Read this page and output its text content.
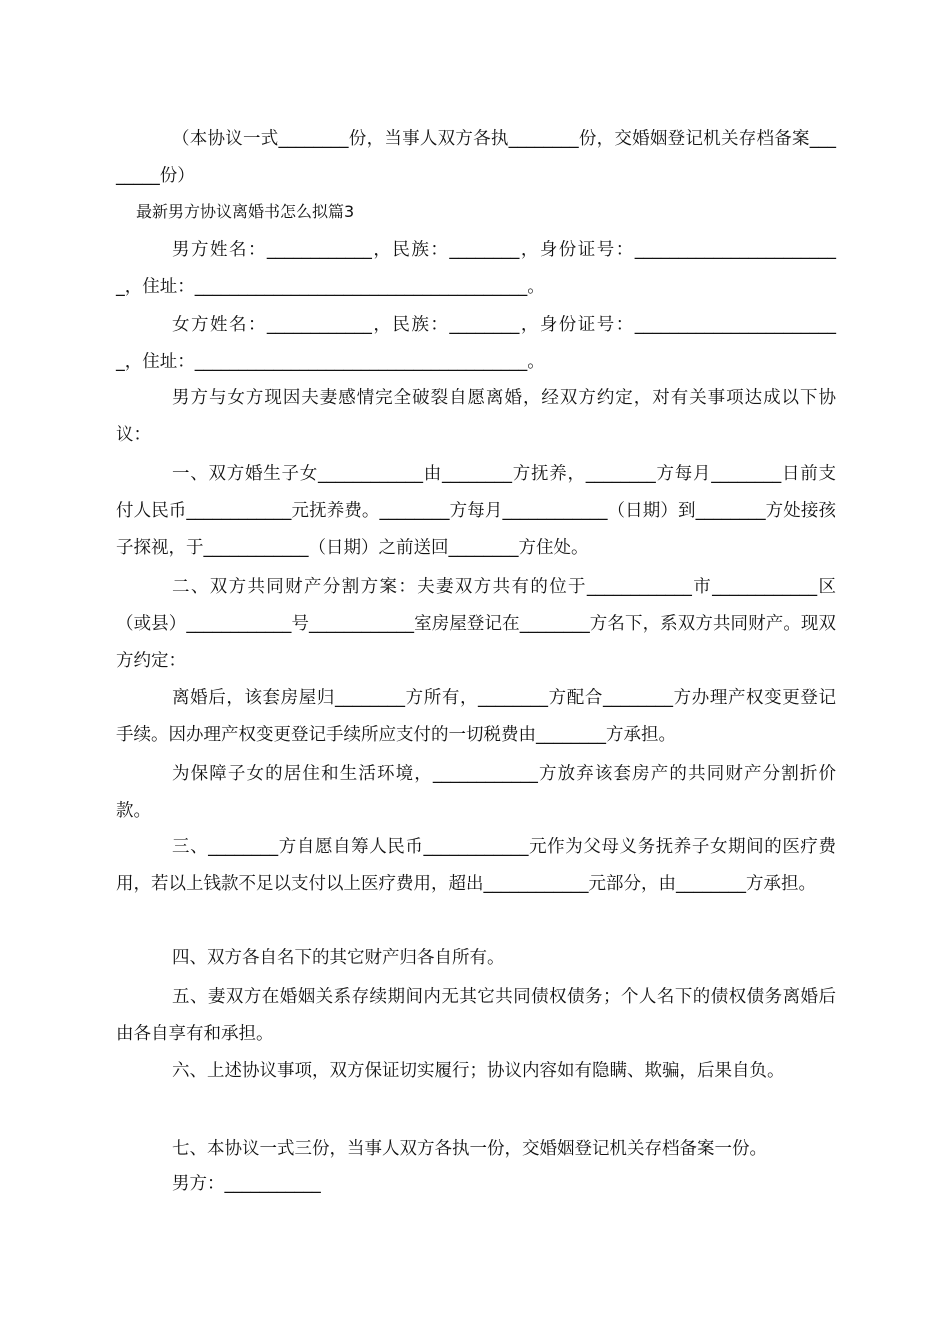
（本协议一式________份，当事人双方各执________份，交婚姻登记机关存档备案________份）
最新男方协议离婚书怎么拟篇3
男方姓名：____________，民族：________，身份证号：________________________，住址：______________________________________。
女方姓名：____________，民族：________，身份证号：________________________，住址：______________________________________。
男方与女方现因夫妻感情完全破裂自愿离婚，经双方约定，对有关事项达成以下协议：
一、双方婚生子女____________由________方抚养，________方每月________日前支付人民币____________元抚养费。________方每月____________（日期）到________方处接孩子探视，于____________（日期）之前送回________方住处。
二、双方共同财产分割方案：夫妻双方共有的位于____________市____________区（或县）____________号____________室房屋登记在________方名下，系双方共同财产。现双方约定：
离婚后，该套房屋归________方所有，________方配合________方办理产权变更登记手续。因办理产权变更登记手续所应支付的一切税费由________方承担。
为保障子女的居住和生活环境，____________方放弃该套房产的共同财产分割折价款。
三、________方自愿自筹人民币____________元作为父母义务抚养子女期间的医疗费用，若以上钱款不足以支付以上医疗费用，超出____________元部分，由________方承担。
四、双方各自名下的其它财产归各自所有。
五、妻双方在婚姻关系存续期间内无其它共同债权债务；个人名下的债权债务离婚后由各自享有和承担。
六、上述协议事项，双方保证切实履行；协议内容如有隐瞒、欺骗，后果自负。
七、本协议一式三份，当事人双方各执一份，交婚姻登记机关存档备案一份。
男方：___________
